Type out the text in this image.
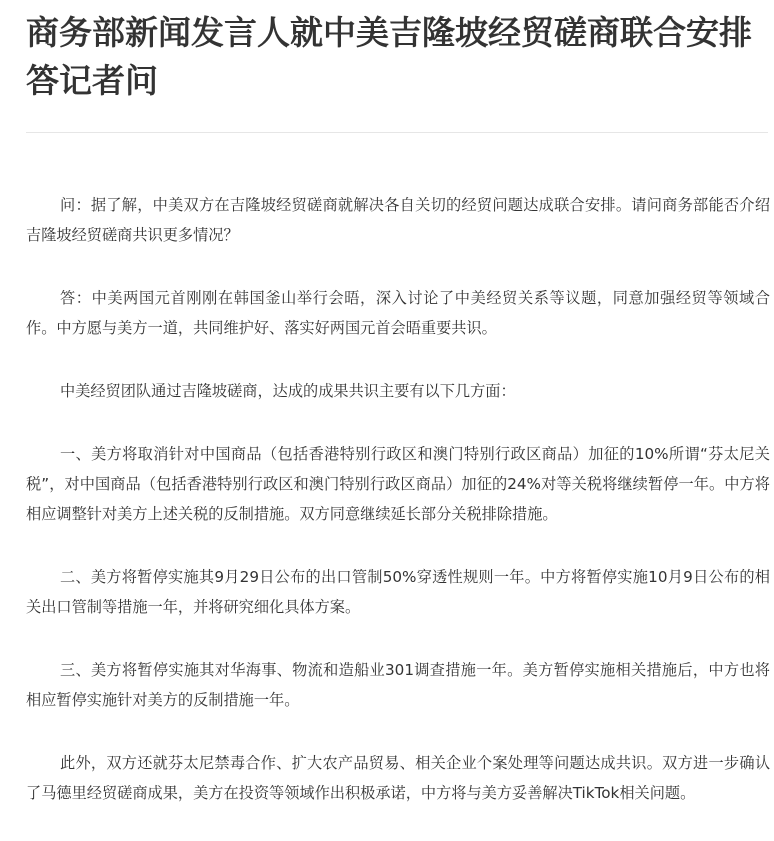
商务部新闻发言人就中美吉隆坡经贸磋商联合安排答记者问

问：据了解，中美双方在吉隆坡经贸磋商就解决各自关切的经贸问题达成联合安排。请问商务部能否介绍吉隆坡经贸磋商共识更多情况？

答：中美两国元首刚刚在韩国釜山举行会晤，深入讨论了中美经贸关系等议题，同意加强经贸等领域合作。中方愿与美方一道，共同维护好、落实好两国元首会晤重要共识。

中美经贸团队通过吉隆坡磋商，达成的成果共识主要有以下几方面：

一、美方将取消针对中国商品（包括香港特别行政区和澳门特别行政区商品）加征的10%所谓“芬太尼关税”，对中国商品（包括香港特别行政区和澳门特别行政区商品）加征的24%对等关税将继续暂停一年。中方将相应调整针对美方上述关税的反制措施。双方同意继续延长部分关税排除措施。

二、美方将暂停实施其9月29日公布的出口管制50%穿透性规则一年。中方将暂停实施10月9日公布的相关出口管制等措施一年，并将研究细化具体方案。

三、美方将暂停实施其对华海事、物流和造船业301调查措施一年。美方暂停实施相关措施后，中方也将相应暂停实施针对美方的反制措施一年。

此外，双方还就芬太尼禁毒合作、扩大农产品贸易、相关企业个案处理等问题达成共识。双方进一步确认了马德里经贸磋商成果，美方在投资等领域作出积极承诺，中方将与美方妥善解决TikTok相关问题。
